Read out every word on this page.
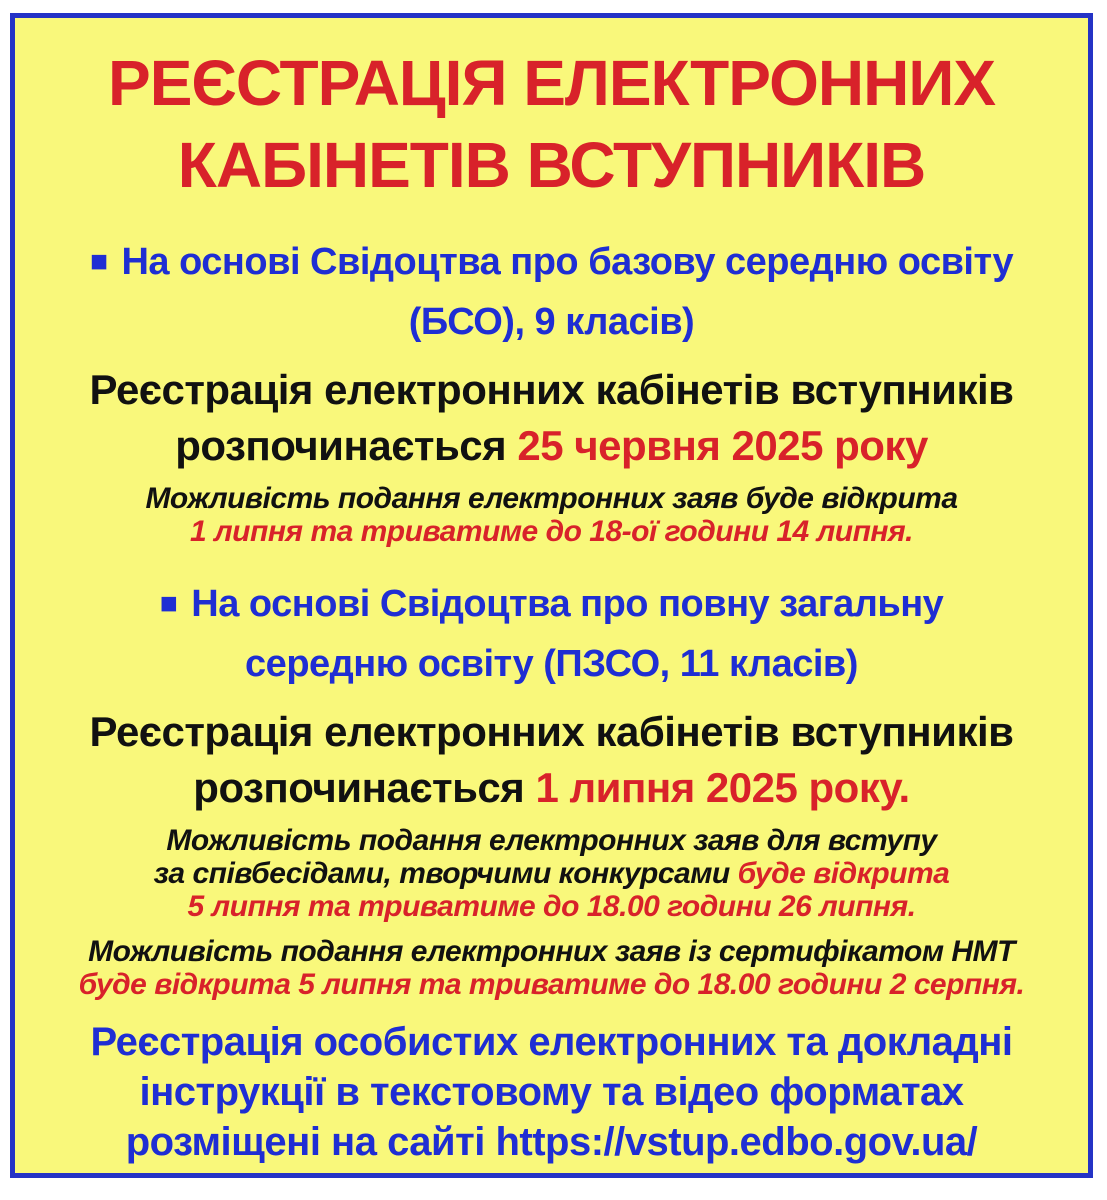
РЕЄСТРАЦІЯ ЕЛЕКТРОННИХ
КАБІНЕТІВ ВСТУПНИКІВ
■ На основі Свідоцтва про базову середню освіту
(БСО), 9 класів)
Реєстрація електронних кабінетів вступників
розпочинається 25 червня 2025 року
Можливість подання електронних заяв буде відкрита
1 липня та триватиме до 18-ої години 14 липня.
■ На основі Свідоцтва про повну загальну
середню освіту (ПЗСО, 11 класів)
Реєстрація електронних кабінетів вступників
розпочинається 1 липня 2025 року.
Можливість подання електронних заяв для вступу
за співбесідами, творчими конкурсами буде відкрита
5 липня та триватиме до 18.00 години 26 липня.
Можливість подання електронних заяв із сертифікатом НМТ
буде відкрита 5 липня та триватиме до 18.00 години 2 серпня.
Реєстрація особистих електронних та докладні
інструкції в текстовому та відео форматах
розміщені на сайті https://vstup.edbo.gov.ua/
